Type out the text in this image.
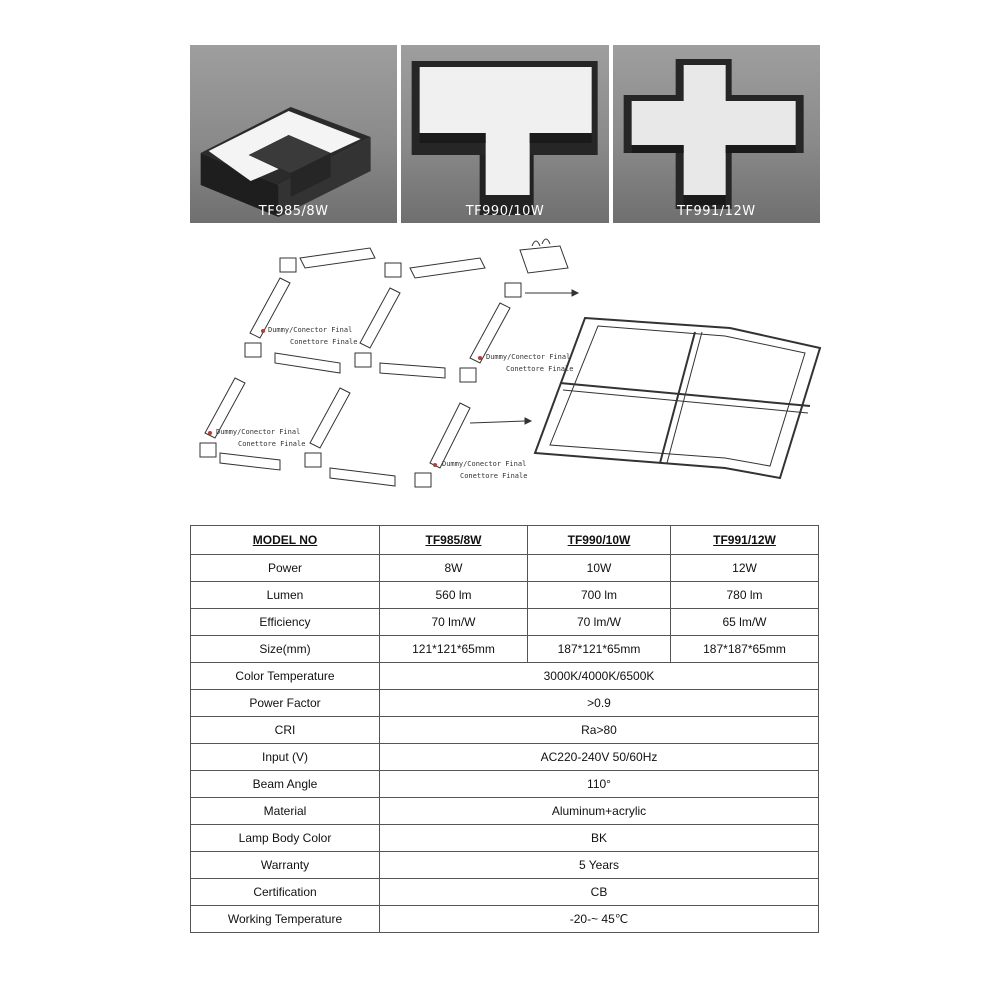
TF985/8W	TF990/10W	TF991/12W
Dummy/Conector Final
Conettore Finale
Dummy/Conector Final
Conettore Finale
Dummy/Conector Final
Conettore Finale
Dummy/Conector Final
Conettore Finale
MODEL NO	TF985/8W	TF990/10W	TF991/12W
Power	8W	10W	12W
Lumen	560 lm	700 lm	780 lm
Efficiency	70 lm/W	70 lm/W	65 lm/W
Size(mm)	121*121*65mm	187*121*65mm	187*187*65mm
Color Temperature	3000K/4000K/6500K		
Power Factor	>0.9		
CRI	Ra>80		
Input (V)	AC220-240V 50/60Hz		
Beam Angle	110°		
Material	Aluminum+acrylic		
Lamp Body Color	BK		
Warranty	5 Years		
Certification	CB		
Working Temperature	-20-~ 45℃		
